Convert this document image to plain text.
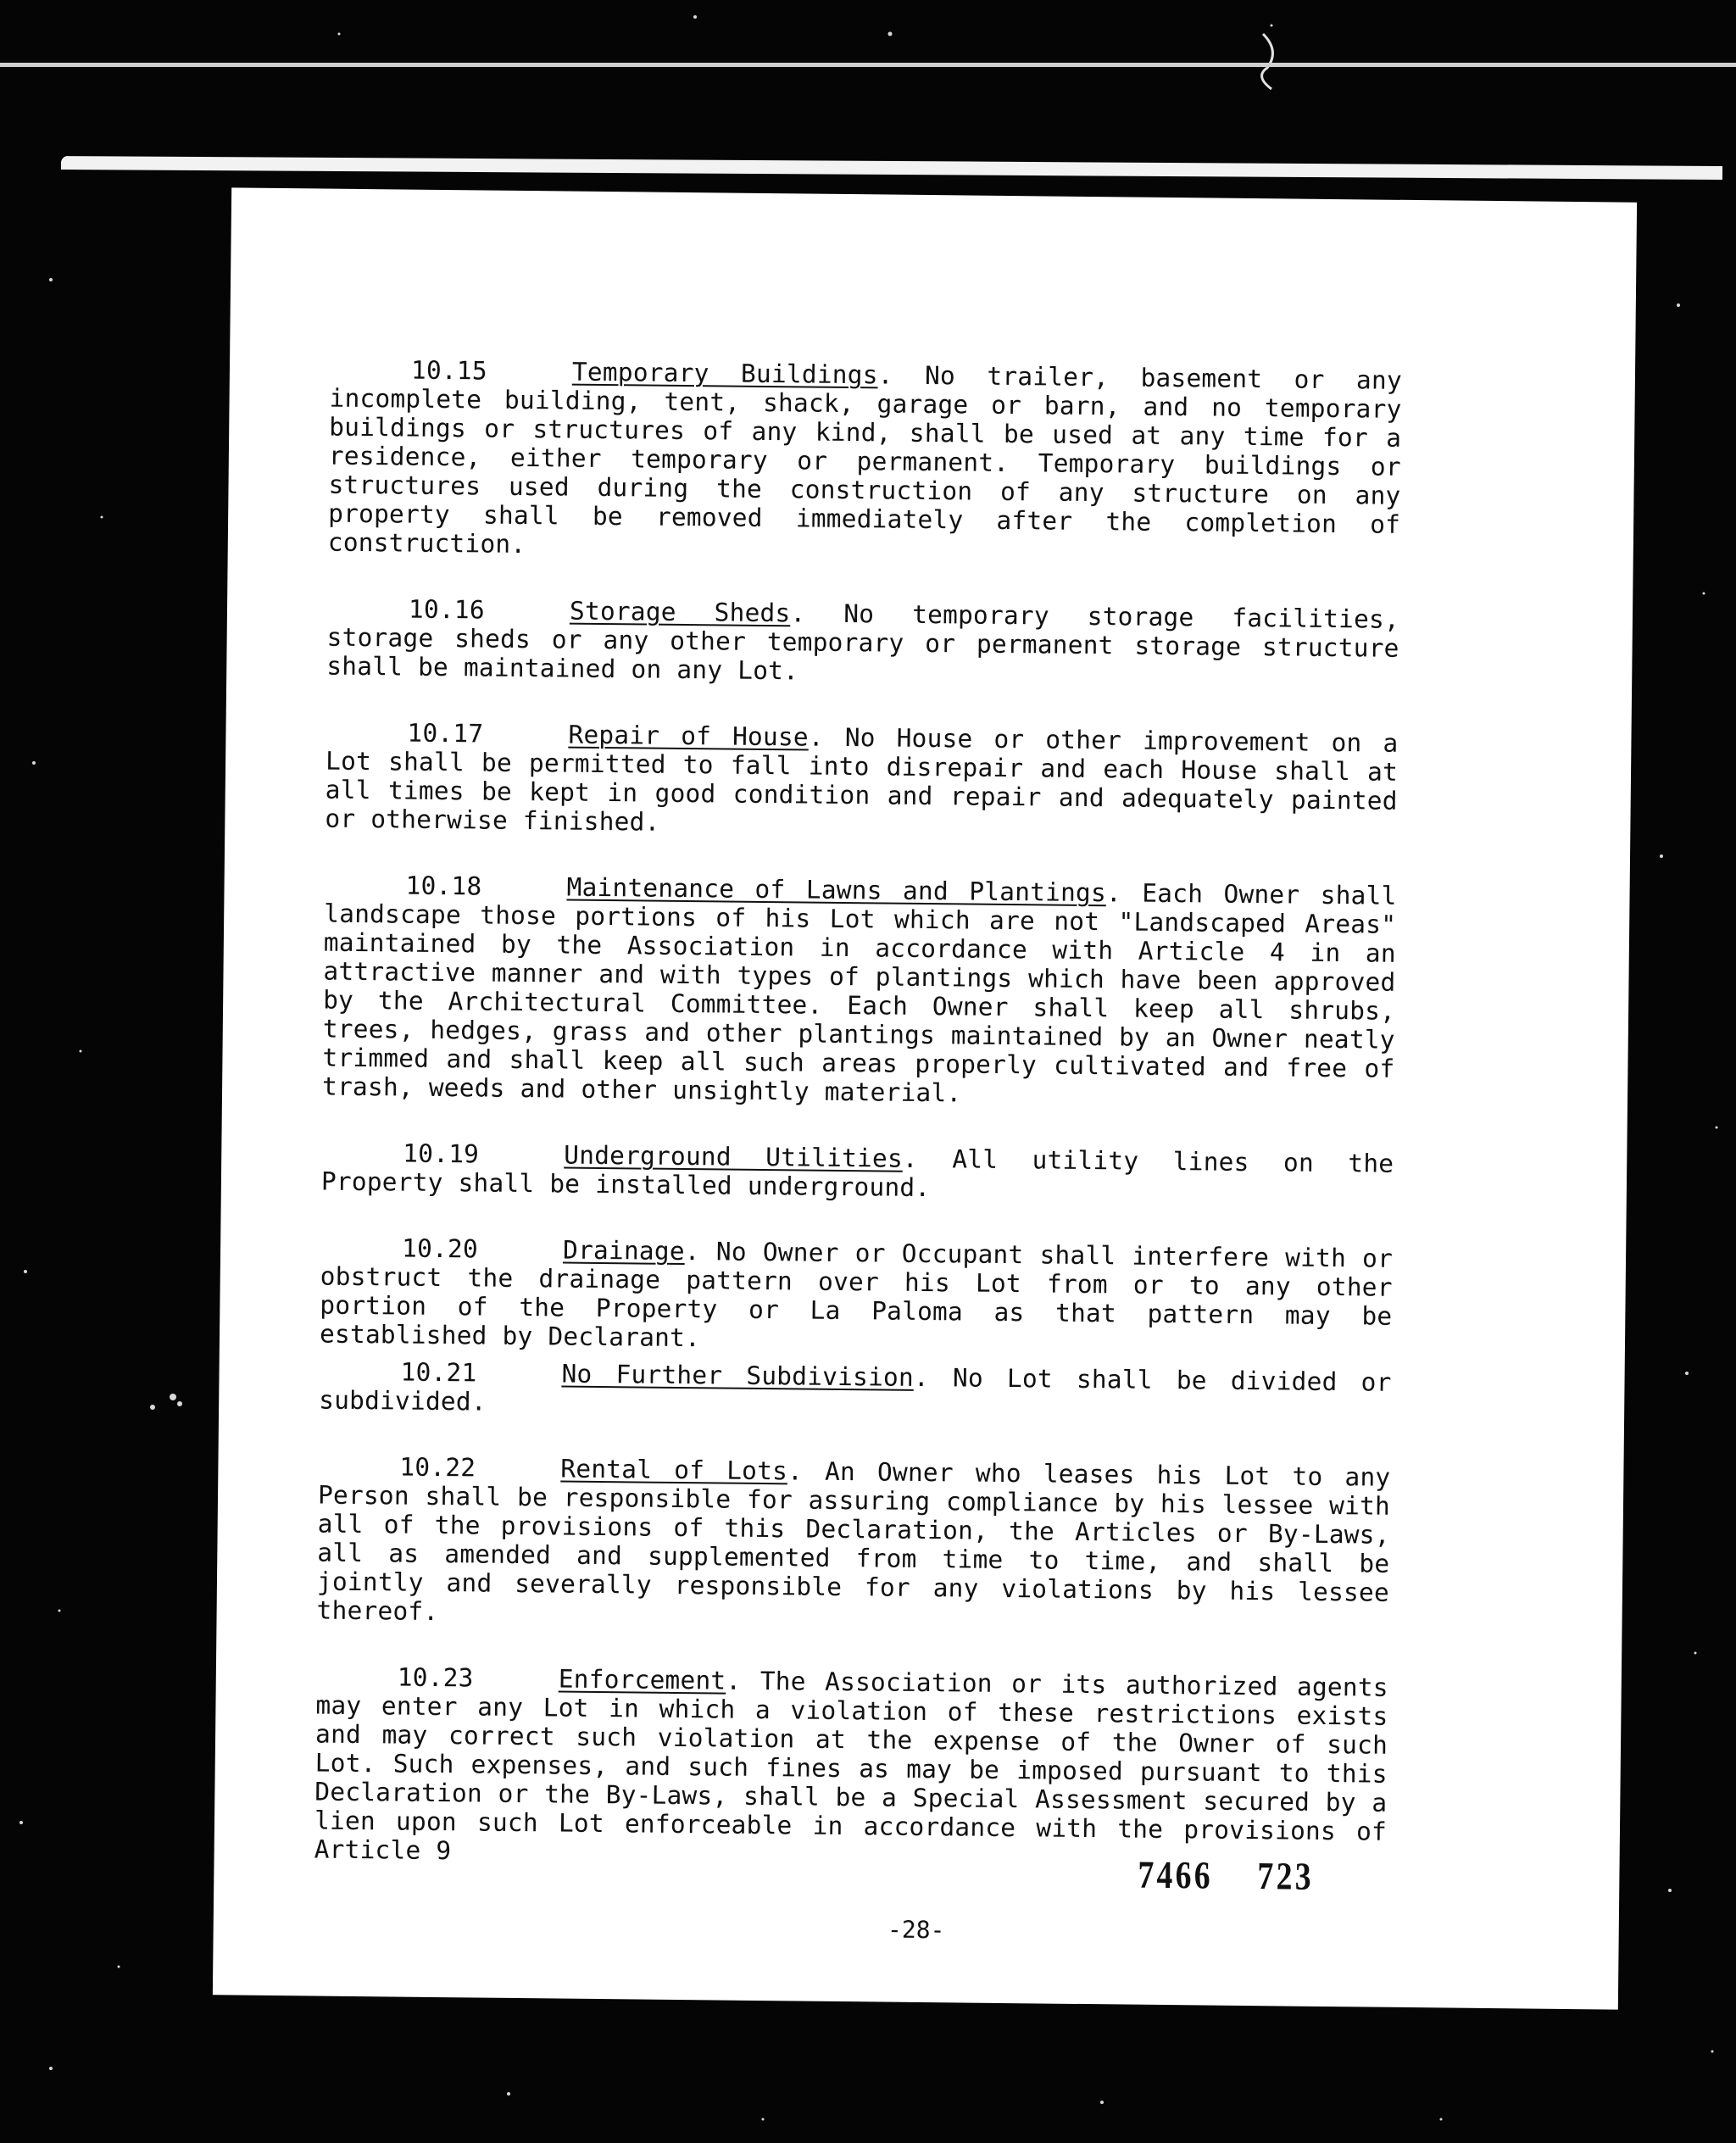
10.15	Temporary Buildings. No trailer, basement or any incomplete building, tent, shack, garage or barn, and no temporary buildings or structures of any kind, shall be used at any time for a residence, either temporary or permanent. Temporary buildings or structures used during the construction of any structure on any property shall be removed immediately after the completion of construction.

10.16	Storage Sheds. No temporary storage facilities, storage sheds or any other temporary or permanent storage structure shall be maintained on any Lot.

10.17	Repair of House. No House or other improvement on a Lot shall be permitted to fall into disrepair and each House shall at all times be kept in good condition and repair and adequately painted or otherwise finished.

10.18	Maintenance of Lawns and Plantings. Each Owner shall landscape those portions of his Lot which are not "Landscaped Areas" maintained by the Association in accordance with Article 4 in an attractive manner and with types of plantings which have been approved by the Architectural Committee. Each Owner shall keep all shrubs, trees, hedges, grass and other plantings maintained by an Owner neatly trimmed and shall keep all such areas properly cultivated and free of trash, weeds and other unsightly material.

10.19	Underground Utilities. All utility lines on the Property shall be installed underground.

10.20	Drainage. No Owner or Occupant shall interfere with or obstruct the drainage pattern over his Lot from or to any other portion of the Property or La Paloma as that pattern may be established by Declarant.

10.21	No Further Subdivision. No Lot shall be divided or subdivided.

10.22	Rental of Lots. An Owner who leases his Lot to any Person shall be responsible for assuring compliance by his lessee with all of the provisions of this Declaration, the Articles or By-Laws, all as amended and supplemented from time to time, and shall be jointly and severally responsible for any violations by his lessee thereof.

10.23	Enforcement. The Association or its authorized agents may enter any Lot in which a violation of these restrictions exists and may correct such violation at the expense of the Owner of such Lot. Such expenses, and such fines as may be imposed pursuant to this Declaration or the By-Laws, shall be a Special Assessment secured by a lien upon such Lot enforceable in accordance with the provisions of Article 9

7466 723
-28-
